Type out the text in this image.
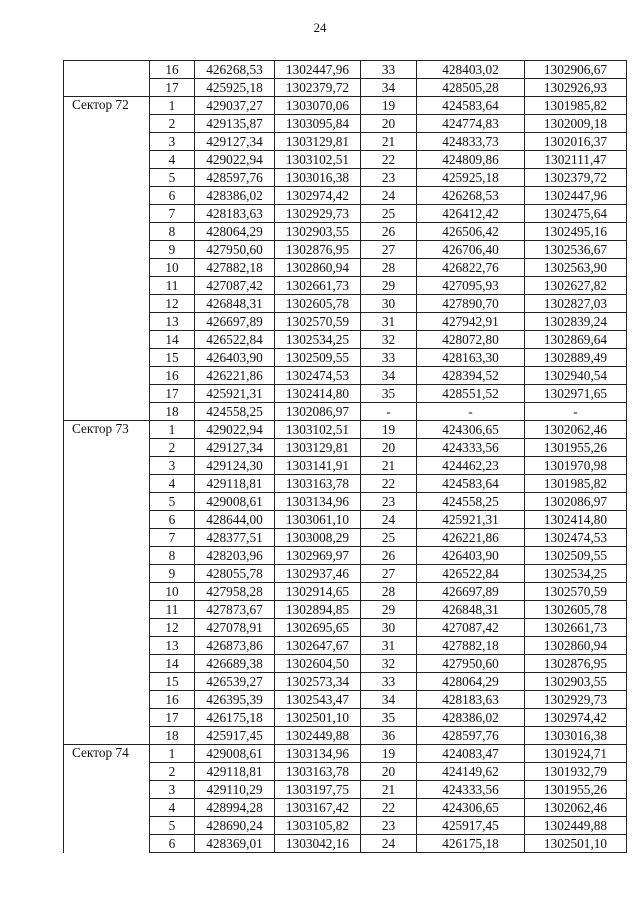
24
	16	426268,53	1302447,96	33	428403,02	1302906,67
	17	425925,18	1302379,72	34	428505,28	1302926,93
Сектор 72	1	429037,27	1303070,06	19	424583,64	1301985,82
	2	429135,87	1303095,84	20	424774,83	1302009,18
	3	429127,34	1303129,81	21	424833,73	1302016,37
	4	429022,94	1303102,51	22	424809,86	1302111,47
	5	428597,76	1303016,38	23	425925,18	1302379,72
	6	428386,02	1302974,42	24	426268,53	1302447,96
	7	428183,63	1302929,73	25	426412,42	1302475,64
	8	428064,29	1302903,55	26	426506,42	1302495,16
	9	427950,60	1302876,95	27	426706,40	1302536,67
	10	427882,18	1302860,94	28	426822,76	1302563,90
	11	427087,42	1302661,73	29	427095,93	1302627,82
	12	426848,31	1302605,78	30	427890,70	1302827,03
	13	426697,89	1302570,59	31	427942,91	1302839,24
	14	426522,84	1302534,25	32	428072,80	1302869,64
	15	426403,90	1302509,55	33	428163,30	1302889,49
	16	426221,86	1302474,53	34	428394,52	1302940,54
	17	425921,31	1302414,80	35	428551,52	1302971,65
	18	424558,25	1302086,97	-	-	-
Сектор 73	1	429022,94	1303102,51	19	424306,65	1302062,46
	2	429127,34	1303129,81	20	424333,56	1301955,26
	3	429124,30	1303141,91	21	424462,23	1301970,98
	4	429118,81	1303163,78	22	424583,64	1301985,82
	5	429008,61	1303134,96	23	424558,25	1302086,97
	6	428644,00	1303061,10	24	425921,31	1302414,80
	7	428377,51	1303008,29	25	426221,86	1302474,53
	8	428203,96	1302969,97	26	426403,90	1302509,55
	9	428055,78	1302937,46	27	426522,84	1302534,25
	10	427958,28	1302914,65	28	426697,89	1302570,59
	11	427873,67	1302894,85	29	426848,31	1302605,78
	12	427078,91	1302695,65	30	427087,42	1302661,73
	13	426873,86	1302647,67	31	427882,18	1302860,94
	14	426689,38	1302604,50	32	427950,60	1302876,95
	15	426539,27	1302573,34	33	428064,29	1302903,55
	16	426395,39	1302543,47	34	428183,63	1302929,73
	17	426175,18	1302501,10	35	428386,02	1302974,42
	18	425917,45	1302449,88	36	428597,76	1303016,38
Сектор 74	1	429008,61	1303134,96	19	424083,47	1301924,71
	2	429118,81	1303163,78	20	424149,62	1301932,79
	3	429110,29	1303197,75	21	424333,56	1301955,26
	4	428994,28	1303167,42	22	424306,65	1302062,46
	5	428690,24	1303105,82	23	425917,45	1302449,88
	6	428369,01	1303042,16	24	426175,18	1302501,10
